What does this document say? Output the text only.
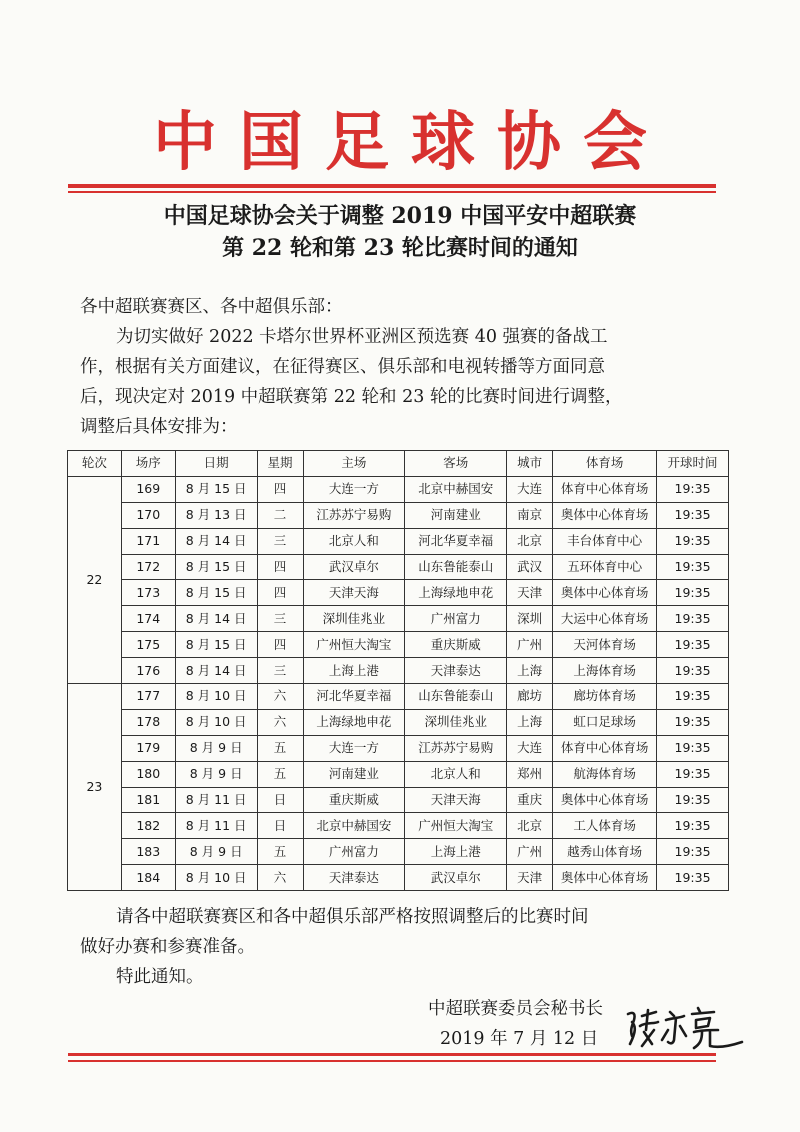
中国足球协会
中国足球协会关于调整 2019 中国平安中超联赛
第 22 轮和第 23 轮比赛时间的通知
各中超联赛赛区、各中超俱乐部：
为切实做好 2022 卡塔尔世界杯亚洲区预选赛 40 强赛的备战工
作，根据有关方面建议，在征得赛区、俱乐部和电视转播等方面同意
后，现决定对 2019 中超联赛第 22 轮和 23 轮的比赛时间进行调整，
调整后具体安排为：
轮次	场序	日期	星期	主场	客场	城市	体育场	开球时间
22	169	8 月 15 日	四	大连一方	北京中赫国安	大连	体育中心体育场	19:35
	170	8 月 13 日	二	江苏苏宁易购	河南建业	南京	奥体中心体育场	19:35
	171	8 月 14 日	三	北京人和	河北华夏幸福	北京	丰台体育中心	19:35
	172	8 月 15 日	四	武汉卓尔	山东鲁能泰山	武汉	五环体育中心	19:35
	173	8 月 15 日	四	天津天海	上海绿地申花	天津	奥体中心体育场	19:35
	174	8 月 14 日	三	深圳佳兆业	广州富力	深圳	大运中心体育场	19:35
	175	8 月 15 日	四	广州恒大淘宝	重庆斯威	广州	天河体育场	19:35
	176	8 月 14 日	三	上海上港	天津泰达	上海	上海体育场	19:35
23	177	8 月 10 日	六	河北华夏幸福	山东鲁能泰山	廊坊	廊坊体育场	19:35
	178	8 月 10 日	六	上海绿地申花	深圳佳兆业	上海	虹口足球场	19:35
	179	8 月 9 日	五	大连一方	江苏苏宁易购	大连	体育中心体育场	19:35
	180	8 月 9 日	五	河南建业	北京人和	郑州	航海体育场	19:35
	181	8 月 11 日	日	重庆斯威	天津天海	重庆	奥体中心体育场	19:35
	182	8 月 11 日	日	北京中赫国安	广州恒大淘宝	北京	工人体育场	19:35
	183	8 月 9 日	五	广州富力	上海上港	广州	越秀山体育场	19:35
	184	8 月 10 日	六	天津泰达	武汉卓尔	天津	奥体中心体育场	19:35
请各中超联赛赛区和各中超俱乐部严格按照调整后的比赛时间
做好办赛和参赛准备。
特此通知。
中超联赛委员会秘书长
2019 年 7 月 12 日
